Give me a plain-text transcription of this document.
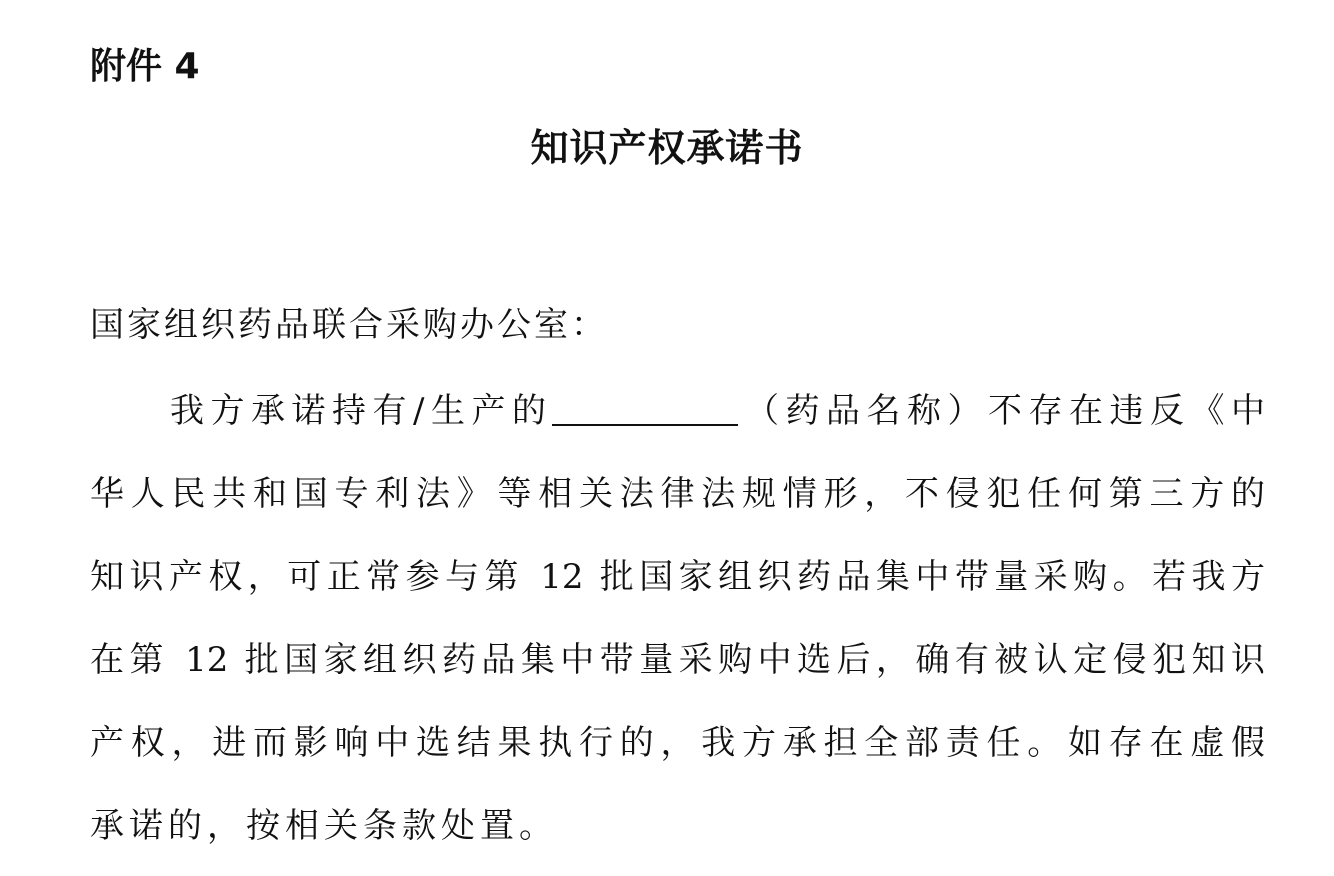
附件 4
知识产权承诺书
国家组织药品联合采购办公室：
我方承诺持有/生产的	（药品名称）不存在违反《中
华人民共和国专利法》等相关法律法规情形，不侵犯任何第三方的
知识产权，可正常参与第 12 批国家组织药品集中带量采购。若我方
在第 12 批国家组织药品集中带量采购中选后，确有被认定侵犯知识
产权，进而影响中选结果执行的，我方承担全部责任。如存在虚假
承诺的，按相关条款处置。
